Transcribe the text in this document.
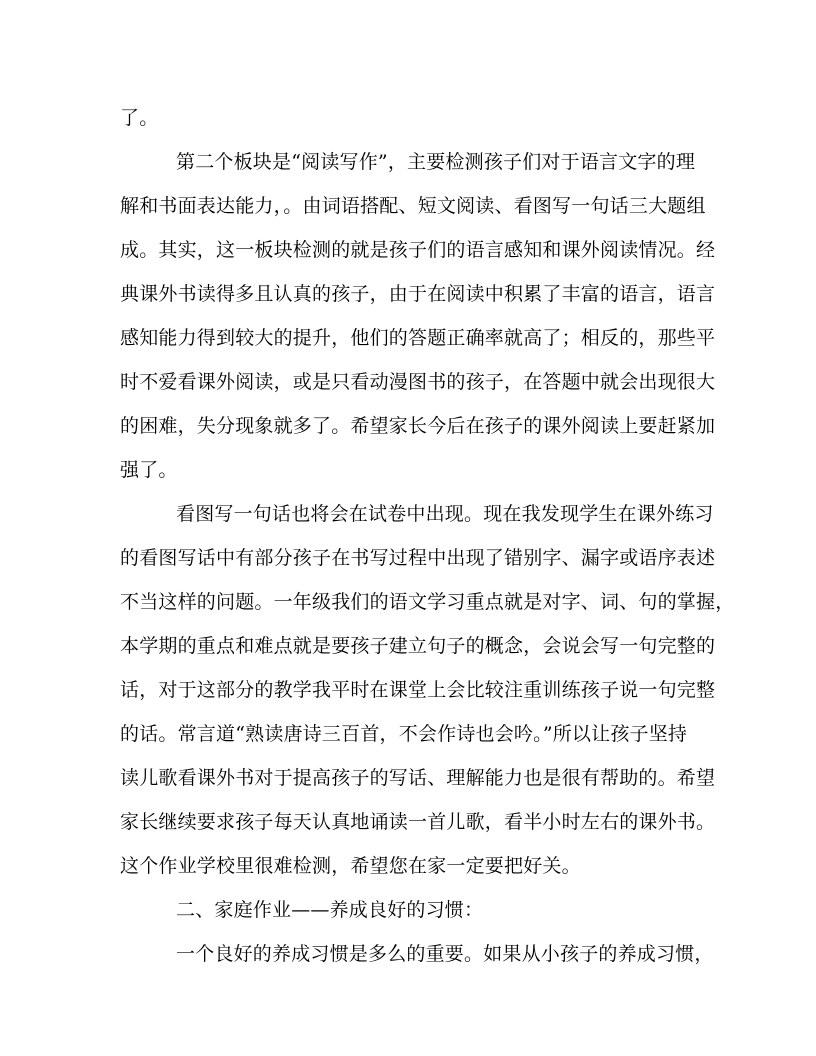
了。
第二个板块是“阅读写作”，主要检测孩子们对于语言文字的理
解和书面表达能力，。由词语搭配、短文阅读、看图写一句话三大题组
成。其实，这一板块检测的就是孩子们的语言感知和课外阅读情况。经
典课外书读得多且认真的孩子，由于在阅读中积累了丰富的语言，语言
感知能力得到较大的提升，他们的答题正确率就高了；相反的，那些平
时不爱看课外阅读，或是只看动漫图书的孩子，在答题中就会出现很大
的困难，失分现象就多了。希望家长今后在孩子的课外阅读上要赶紧加
强了。
看图写一句话也将会在试卷中出现。现在我发现学生在课外练习
的看图写话中有部分孩子在书写过程中出现了错别字、漏字或语序表述
不当这样的问题。一年级我们的语文学习重点就是对字、词、句的掌握，
本学期的重点和难点就是要孩子建立句子的概念，会说会写一句完整的
话，对于这部分的教学我平时在课堂上会比较注重训练孩子说一句完整
的话。常言道“熟读唐诗三百首，不会作诗也会吟。”所以让孩子坚持
读儿歌看课外书对于提高孩子的写话、理解能力也是很有帮助的。希望
家长继续要求孩子每天认真地诵读一首儿歌，看半小时左右的课外书。
这个作业学校里很难检测，希望您在家一定要把好关。
二、家庭作业——养成良好的习惯：
一个良好的养成习惯是多么的重要。如果从小孩子的养成习惯，
